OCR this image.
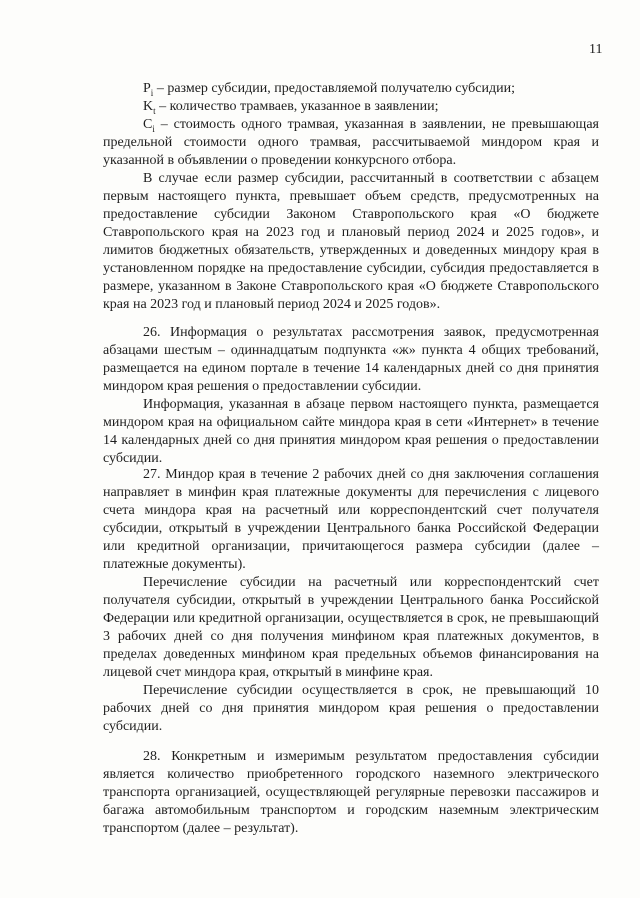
11

$P_i$ – размер субсидии, предоставляемой получателю субсидии;

$K_t$ – количество трамваев, указанное в заявлении;

$C_i$ – стоимость одного трамвая, указанная в заявлении, не превышающая предельной стоимости одного трамвая, рассчитываемой миндором края и указанной в объявлении о проведении конкурсного отбора.

В случае если размер субсидии, рассчитанный в соответствии с абзацем первым настоящего пункта, превышает объем средств, предусмотренных на предоставление субсидии Законом Ставропольского края «О бюджете Ставропольского края на 2023 год и плановый период 2024 и 2025 годов», и лимитов бюджетных обязательств, утвержденных и доведенных миндору края в установленном порядке на предоставление субсидии, субсидия предоставляется в размере, указанном в Законе Ставропольского края «О бюджете Ставропольского края на 2023 год и плановый период 2024 и 2025 годов».

26. Информация о результатах рассмотрения заявок, предусмотренная абзацами шестым – одиннадцатым подпункта «ж» пункта 4 общих требований, размещается на едином портале в течение 14 календарных дней со дня принятия миндором края решения о предоставлении субсидии.

Информация, указанная в абзаце первом настоящего пункта, размещается миндором края на официальном сайте миндора края в сети «Интернет» в течение 14 календарных дней со дня принятия миндором края решения о предоставлении субсидии.

27. Миндор края в течение 2 рабочих дней со дня заключения соглашения направляет в минфин края платежные документы для перечисления с лицевого счета миндора края на расчетный или корреспондентский счет получателя субсидии, открытый в учреждении Центрального банка Российской Федерации или кредитной организации, причитающегося размера субсидии (далее – платежные документы).

Перечисление субсидии на расчетный или корреспондентский счет получателя субсидии, открытый в учреждении Центрального банка Российской Федерации или кредитной организации, осуществляется в срок, не превышающий 3 рабочих дней со дня получения минфином края платежных документов, в пределах доведенных минфином края предельных объемов финансирования на лицевой счет миндора края, открытый в минфине края.

Перечисление субсидии осуществляется в срок, не превышающий 10 рабочих дней со дня принятия миндором края решения о предоставлении субсидии.

28. Конкретным и измеримым результатом предоставления субсидии является количество приобретенного городского наземного электрического транспорта организацией, осуществляющей регулярные перевозки пассажиров и багажа автомобильным транспортом и городским наземным электрическим транспортом (далее – результат).
